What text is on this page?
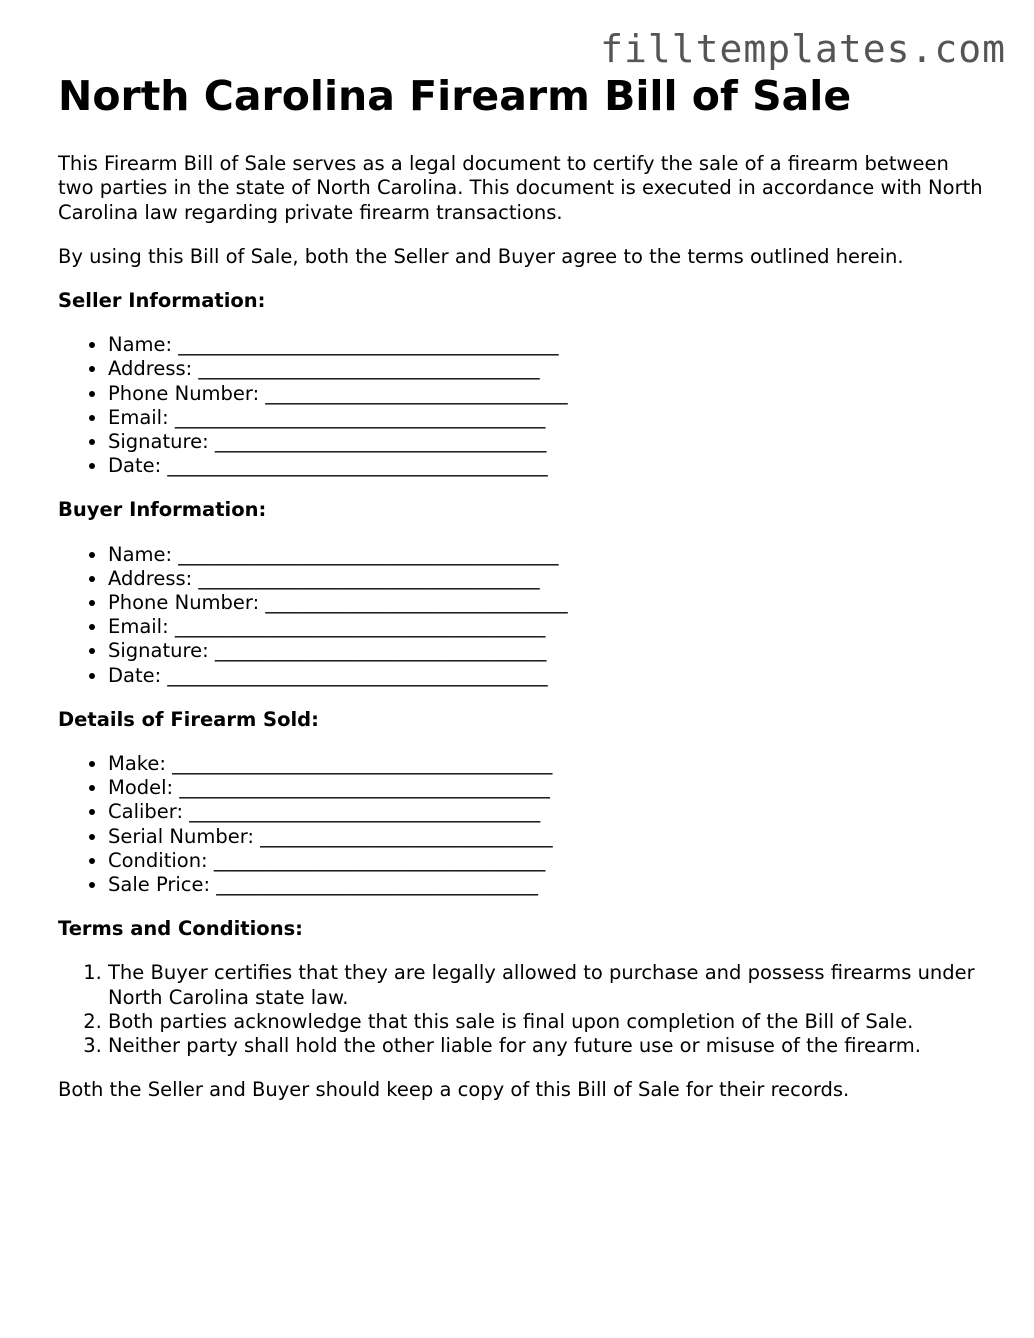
filltemplates.com
North Carolina Firearm Bill of Sale

This Firearm Bill of Sale serves as a legal document to certify the sale of a firearm between two parties in the state of North Carolina. This document is executed in accordance with North Carolina law regarding private firearm transactions.

By using this Bill of Sale, both the Seller and Buyer agree to the terms outlined herein.

Seller Information:
• Name: _______________________________________
• Address: ___________________________________
• Phone Number: _______________________________
• Email: ______________________________________
• Signature: __________________________________
• Date: _______________________________________
Buyer Information:
• Name: _______________________________________
• Address: ___________________________________
• Phone Number: _______________________________
• Email: ______________________________________
• Signature: __________________________________
• Date: _______________________________________
Details of Firearm Sold:
• Make: _______________________________________
• Model: ______________________________________
• Caliber: ____________________________________
• Serial Number: ______________________________
• Condition: __________________________________
• Sale Price: _________________________________
Terms and Conditions:
1. The Buyer certifies that they are legally allowed to purchase and possess firearms under North Carolina state law.
2. Both parties acknowledge that this sale is final upon completion of the Bill of Sale.
3. Neither party shall hold the other liable for any future use or misuse of the firearm.

Both the Seller and Buyer should keep a copy of this Bill of Sale for their records.
